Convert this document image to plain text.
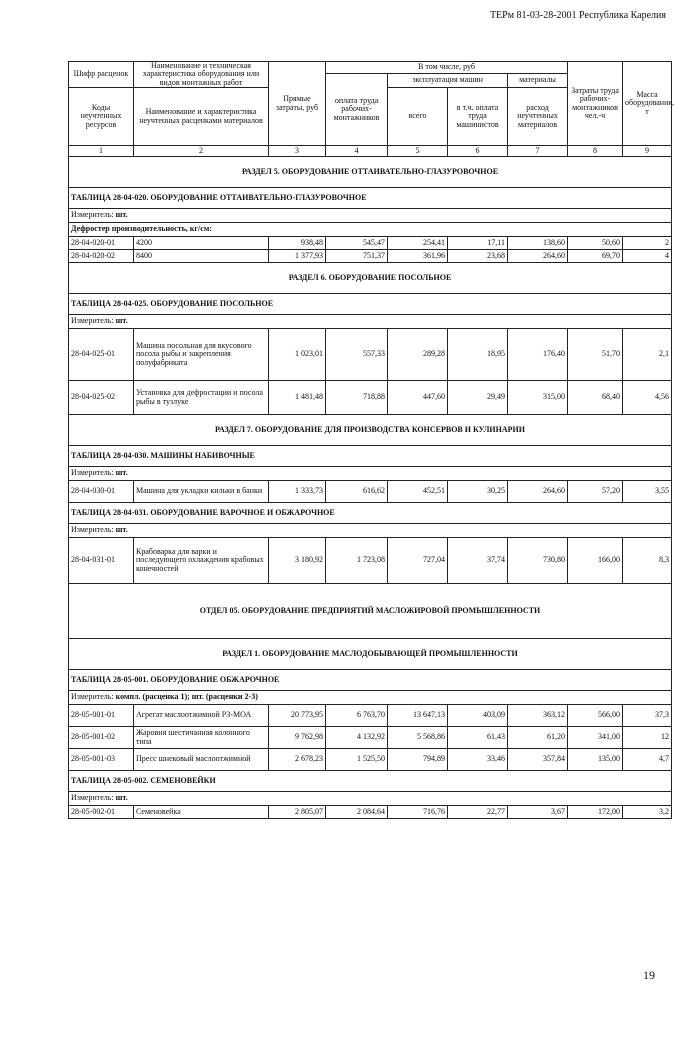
ТЕРм 81-03-28-2001 Республика Карелия
Шифр расценок	Наименование и техническая характеристика оборудования или видов монтажных работ	Прямые затраты, руб	В том числе, руб				Затраты труда рабочих-монтажников чел.-ч	Масса оборудования, т
			оплата труда рабочих-монтажников	эксплуатация машин		материалы		
Коды неучтенных ресурсов	Наименование и характеристика неучтенных расценками материалов			всего	в т.ч. оплата труда машинистов	расход неучтенных материалов		

1	2	3	4	5	6	7	8	9
РАЗДЕЛ 5. ОБОРУДОВАНИЕ ОТТАИВАТЕЛЬНО-ГЛАЗУРОВОЧНОЕ								
ТАБЛИЦА 28-04-020. ОБОРУДОВАНИЕ ОТТАИВАТЕЛЬНО-ГЛАЗУРОВОЧНОЕ								
Измеритель: шт.								
Дефростер производительность, кг/см:								
28-04-020-01	4200	938,48	545,47	254,41	17,11	138,60	50,60	2
28-04-020-02	8400	1 377,93	751,37	361,96	23,68	264,60	69,70	4
РАЗДЕЛ 6. ОБОРУДОВАНИЕ ПОСОЛЬНОЕ								
ТАБЛИЦА 28-04-025. ОБОРУДОВАНИЕ ПОСОЛЬНОЕ								
Измеритель: шт.								
28-04-025-01	Машина посольная для вкусового посола рыбы и закрепления полуфабриката	1 023,01	557,33	289,28	18,95	176,40	51,70	2,1
28-04-025-02	Установка для дефростации и посола рыбы в тузлуке	1 481,48	718,88	447,60	29,49	315,00	68,40	4,56
РАЗДЕЛ 7. ОБОРУДОВАНИЕ ДЛЯ ПРОИЗВОДСТВА КОНСЕРВОВ И КУЛИНАРИИ								
ТАБЛИЦА 28-04-030. МАШИНЫ НАБИВОЧНЫЕ								
Измеритель: шт.								
28-04-030-01	Машина для укладки кильки в банки	1 333,73	616,62	452,51	30,25	264,60	57,20	3,55
ТАБЛИЦА 28-04-031. ОБОРУДОВАНИЕ ВАРОЧНОЕ И ОБЖАРОЧНОЕ								
Измеритель: шт.								
28-04-031-01	Крабоварка для варки и последующего охлаждения крабовых конечностей	3 180,92	1 723,08	727,04	37,74	730,80	166,00	8,3
ОТДЕЛ 05. ОБОРУДОВАНИЕ ПРЕДПРИЯТИЙ МАСЛОЖИРОВОЙ ПРОМЫШЛЕННОСТИ								
РАЗДЕЛ 1. ОБОРУДОВАНИЕ МАСЛОДОБЫВАЮЩЕЙ ПРОМЫШЛЕННОСТИ								
ТАБЛИЦА 28-05-001. ОБОРУДОВАНИЕ ОБЖАРОЧНОЕ								
Измеритель: компл. (расценка 1); шт. (расценки 2-3)								
28-05-001-01	Агрегат маслоотжимной РЗ-МОА	20 773,95	6 763,70	13 647,13	403,09	363,12	566,00	37,3
28-05-001-02	Жаровня шестичанная колонного типа	9 762,98	4 132,92	5 568,86	61,43	61,20	341,00	12
28-05-001-03	Пресс шнековый маслоотжимной	2 678,23	1 525,50	794,89	33,46	357,84	135,00	4,7
ТАБЛИЦА 28-05-002. СЕМЕНОВЕЙКИ								
Измеритель: шт.								
28-05-002-01	Семеновейка	2 805,07	2 084,64	716,76	22,77	3,67	172,00	3,2
19
